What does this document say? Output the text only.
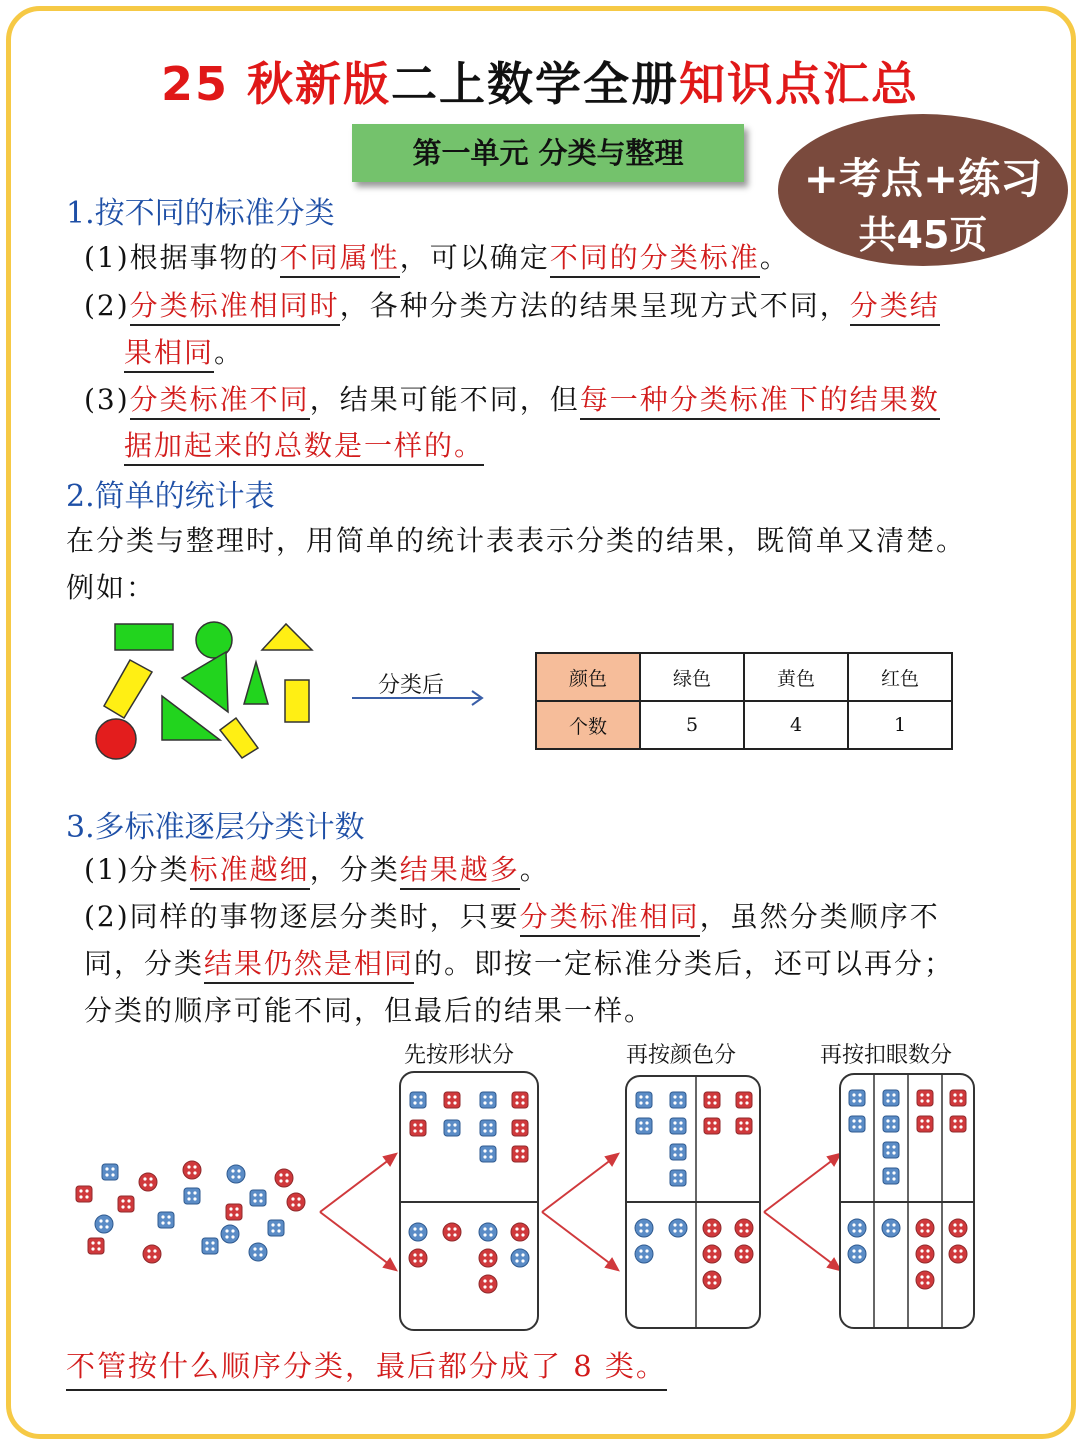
25 秋新版二上数学全册知识点汇总
第一单元 分类与整理
+考点+练习
共45页
1.按不同的标准分类
(1)根据事物的不同属性，可以确定不同的分类标准。
(2)分类标准相同时，各种分类方法的结果呈现方式不同，分类结
果相同。
(3)分类标准不同，结果可能不同，但每一种分类标准下的结果数
据加起来的总数是一样的。
2.简单的统计表
在分类与整理时，用简单的统计表表示分类的结果，既简单又清楚。
例如：
分类后	颜色	绿色	黄色	红色
个数	5	4	1
3.多标准逐层分类计数
(1)分类标准越细，分类结果越多。
(2)同样的事物逐层分类时，只要分类标准相同，虽然分类顺序不
同，分类结果仍然是相同的。即按一定标准分类后，还可以再分；
分类的顺序可能不同，但最后的结果一样。
先按形状分	再按颜色分	再按扣眼数分
不管按什么顺序分类，最后都分成了 8 类。
